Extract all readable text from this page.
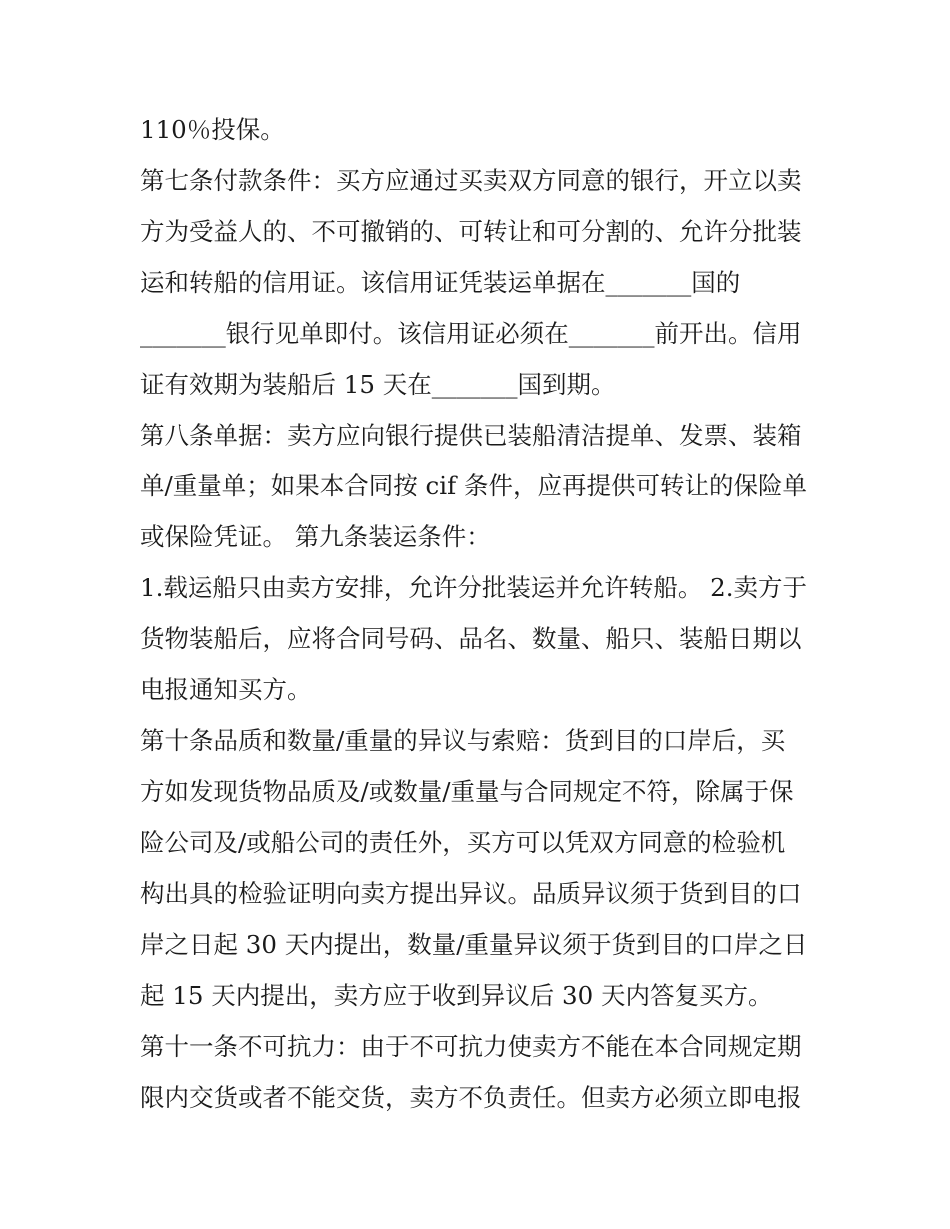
110％投保。
第七条付款条件：买方应通过买卖双方同意的银行，开立以卖
方为受益人的、不可撤销的、可转让和可分割的、允许分批装
运和转船的信用证。该信用证凭装运单据在_______国的
_______银行见单即付。该信用证必须在_______前开出。信用
证有效期为装船后 15 天在_______国到期。
第八条单据：卖方应向银行提供已装船清洁提单、发票、装箱
单/重量单；如果本合同按 cif 条件，应再提供可转让的保险单
或保险凭证。 第九条装运条件：
1.载运船只由卖方安排，允许分批装运并允许转船。 2.卖方于
货物装船后，应将合同号码、品名、数量、船只、装船日期以
电报通知买方。
第十条品质和数量/重量的异议与索赔：货到目的口岸后，买
方如发现货物品质及/或数量/重量与合同规定不符，除属于保
险公司及/或船公司的责任外，买方可以凭双方同意的检验机
构出具的检验证明向卖方提出异议。品质异议须于货到目的口
岸之日起 30 天内提出，数量/重量异议须于货到目的口岸之日
起 15 天内提出，卖方应于收到异议后 30 天内答复买方。
第十一条不可抗力：由于不可抗力使卖方不能在本合同规定期
限内交货或者不能交货，卖方不负责任。但卖方必须立即电报
